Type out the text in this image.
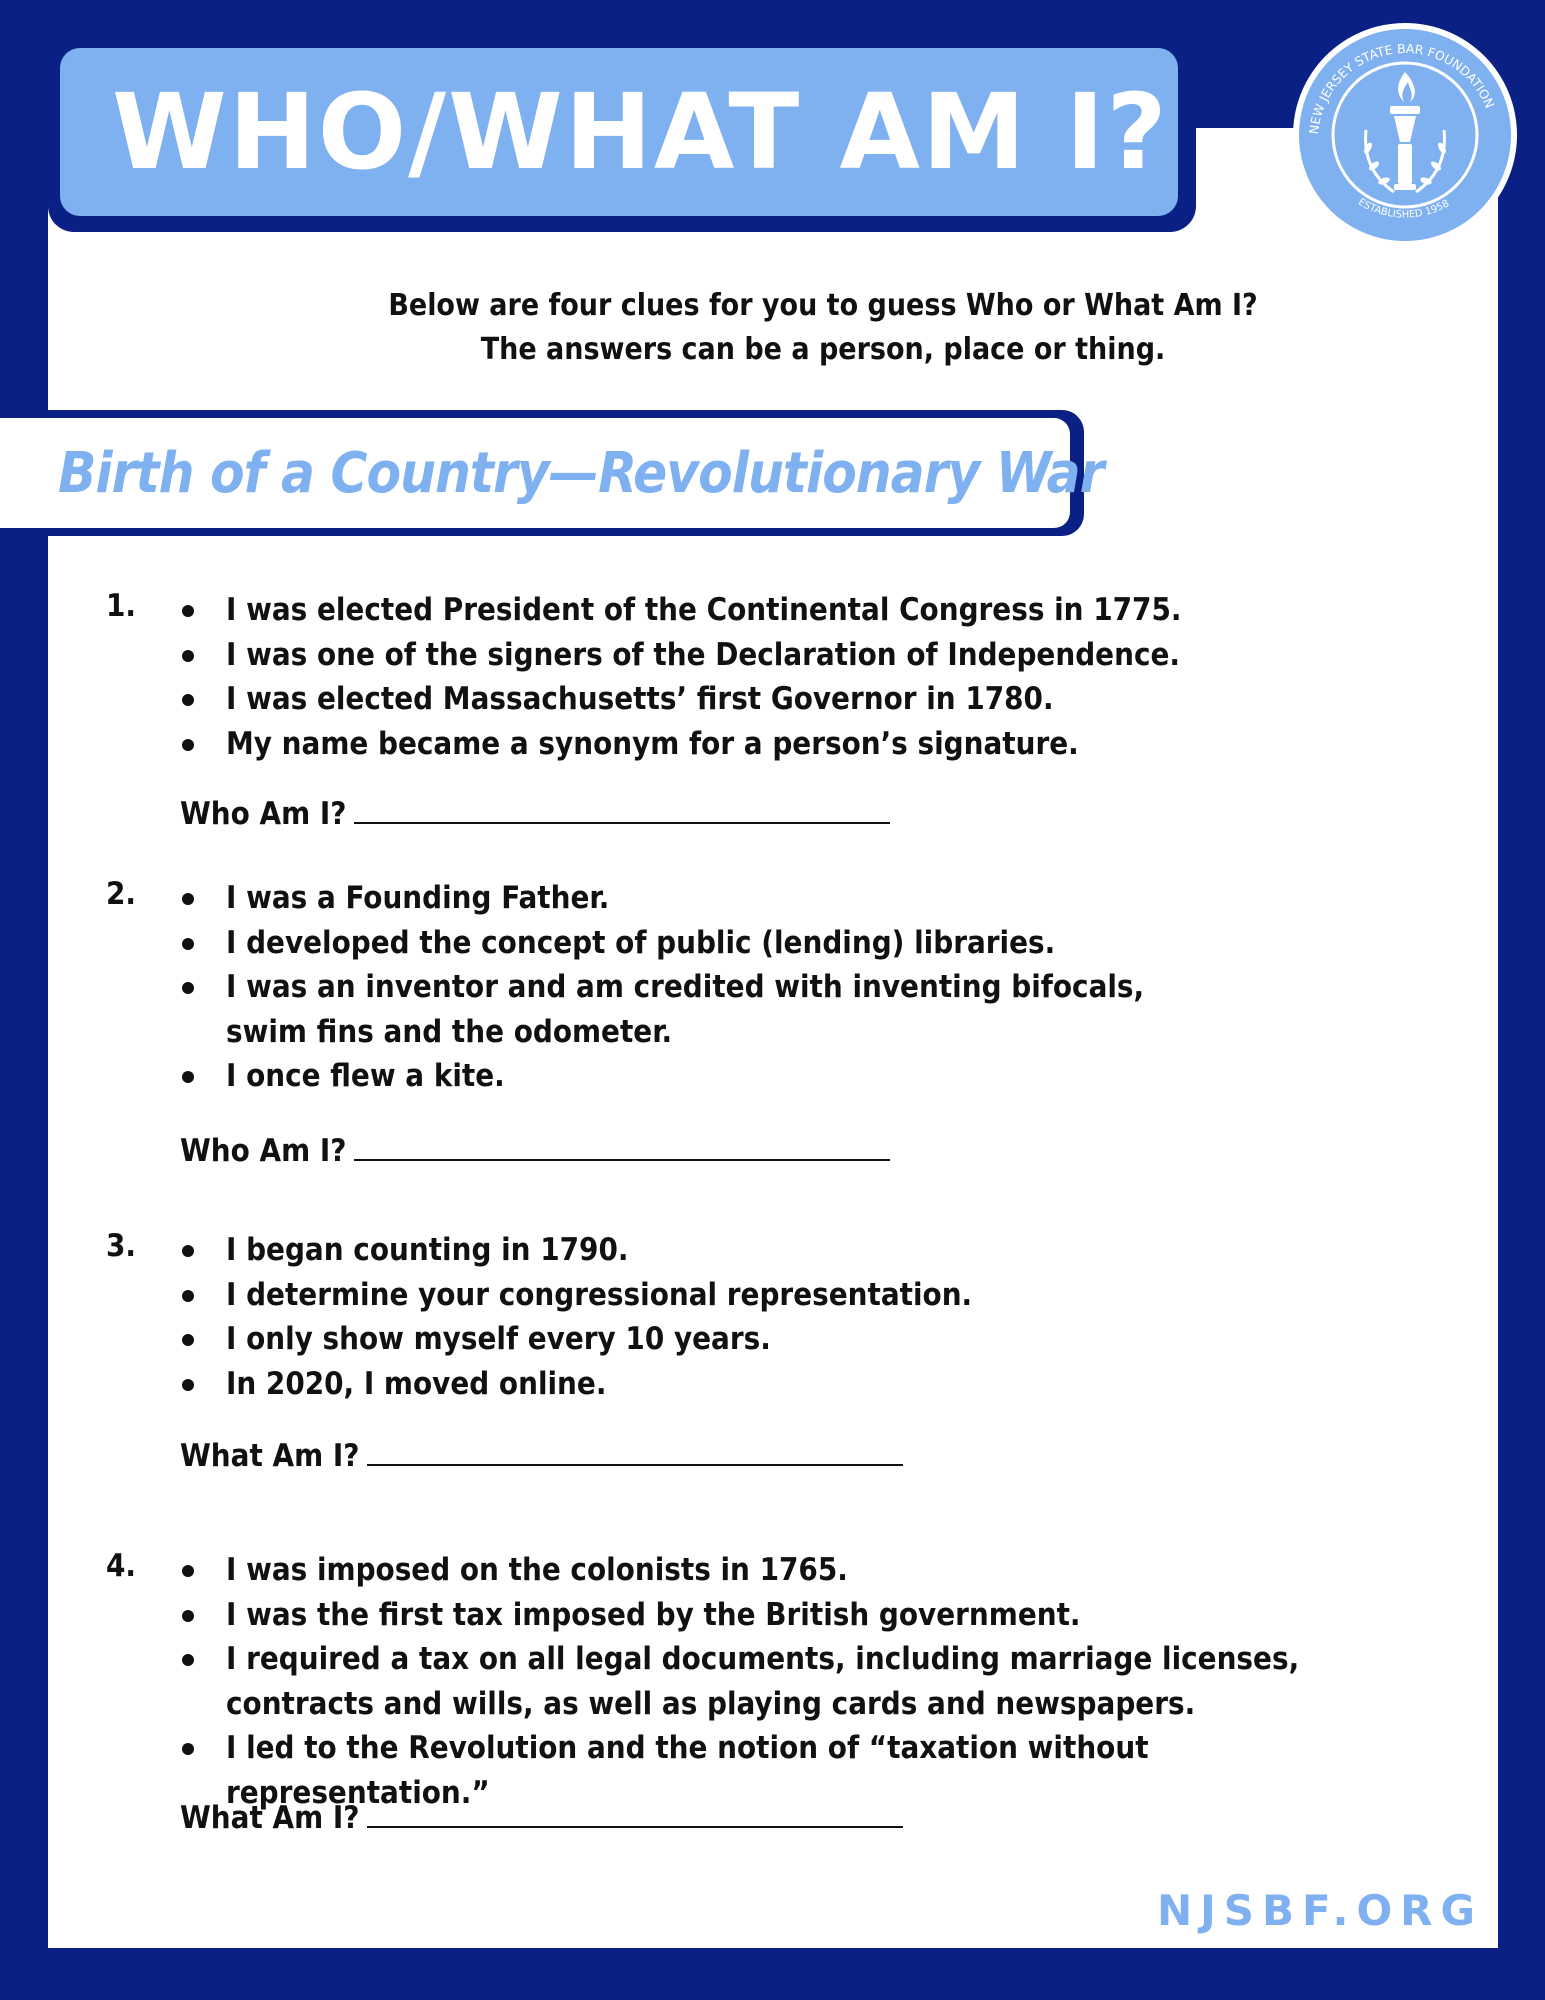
WHO/WHAT AM I?	NEW JERSEY STATE BAR FOUNDATION
ESTABLISHED 1958
Below are four clues for you to guess Who or What Am I?
The answers can be a person, place or thing.
Birth of a Country—Revolutionary War
1.	I was elected President of the Continental Congress in 1775.
I was one of the signers of the Declaration of Independence.
I was elected Massachusetts’ first Governor in 1780.
My name became a synonym for a person’s signature.
Who Am I?
2.	I was a Founding Father.
I developed the concept of public (lending) libraries.
I was an inventor and am credited with inventing bifocals, swim fins and the odometer.
I once flew a kite.
Who Am I?
3.	I began counting in 1790.
I determine your congressional representation.
I only show myself every 10 years.
In 2020, I moved online.
What Am I?
4.	I was imposed on the colonists in 1765.
I was the first tax imposed by the British government.
I required a tax on all legal documents, including marriage licenses, contracts and wills, as well as playing cards and newspapers.
I led to the Revolution and the notion of “taxation without representation.”
What Am I?
NJSBF.ORG
